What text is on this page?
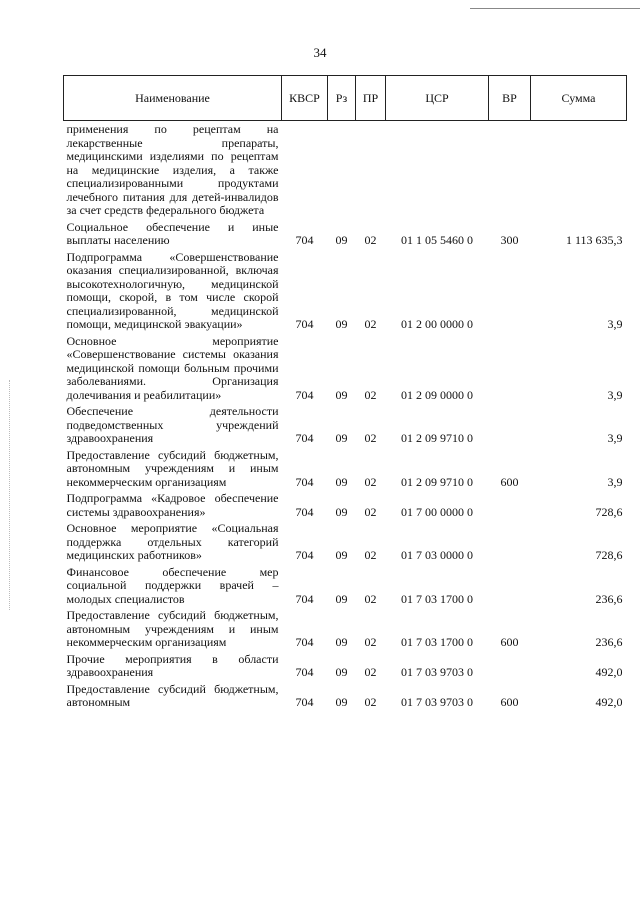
34
Наименование	КВСР	Рз	ПР	ЦСР	ВР	Сумма
применения по рецептам на лекарственные препараты, медицинскими изделиями по рецептам на медицинские изделия, а также специализированными продуктами лечебного питания для детей-инвалидов за счет средств федерального бюджета						
Социальное обеспечение и иные выплаты населению	704	09	02	01 1 05 5460 0	300	1 113 635,3
Подпрограмма «Совершенствование оказания специализированной, включая высокотехнологичную, медицинской помощи, скорой, в том числе скорой специализированной, медицинской помощи, медицинской эвакуации»	704	09	02	01 2 00 0000 0		3,9
Основное мероприятие «Совершенствование системы оказания медицинской помощи больным прочими заболеваниями. Организация долечивания и реабилитации»	704	09	02	01 2 09 0000 0		3,9
Обеспечение деятельности подведомственных учреждений здравоохранения	704	09	02	01 2 09 9710 0		3,9
Предоставление субсидий бюджетным, автономным учреждениям и иным некоммерческим организациям	704	09	02	01 2 09 9710 0	600	3,9
Подпрограмма «Кадровое обеспечение системы здравоохранения»	704	09	02	01 7 00 0000 0		728,6
Основное мероприятие «Социальная поддержка отдельных категорий медицинских работников»	704	09	02	01 7 03 0000 0		728,6
Финансовое обеспечение мер социальной поддержки врачей – молодых специалистов	704	09	02	01 7 03 1700 0		236,6
Предоставление субсидий бюджетным, автономным учреждениям и иным некоммерческим организациям	704	09	02	01 7 03 1700 0	600	236,6
Прочие мероприятия в области здравоохранения	704	09	02	01 7 03 9703 0		492,0
Предоставление субсидий бюджетным, автономным	704	09	02	01 7 03 9703 0	600	492,0
